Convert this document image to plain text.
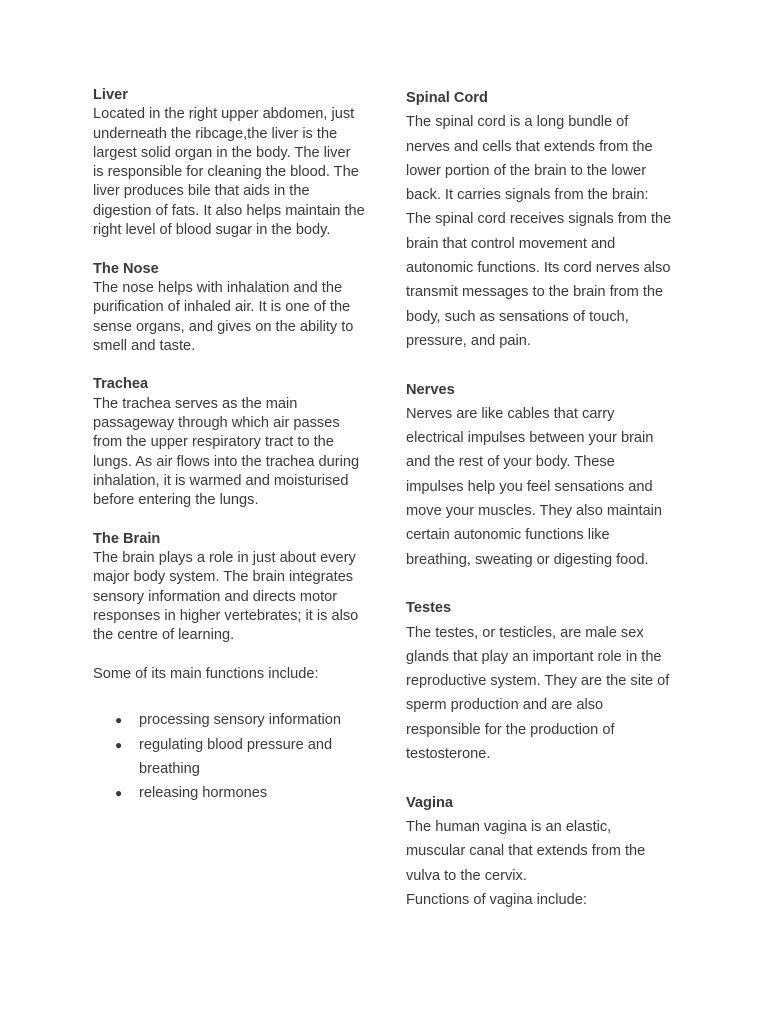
Liver
Located in the right upper abdomen, just underneath the ribcage,the liver is the largest solid organ in the body. The liver is responsible for cleaning the blood. The liver produces bile that aids in the digestion of fats. It also helps maintain the right level of blood sugar in the body.
The Nose
The nose helps with inhalation and the purification of inhaled air. It is one of the sense organs, and gives on the ability to smell and taste.
Trachea
The trachea serves as the main passageway through which air passes from the upper respiratory tract to the lungs. As air flows into the trachea during inhalation, it is warmed and moisturised before entering the lungs.
The Brain
The brain plays a role in just about every major body system. The brain integrates sensory information and directs motor responses in higher vertebrates; it is also the centre of learning.

Some of its main functions include:

● processing sensory information
● regulating blood pressure and breathing
● releasing hormones
Spinal Cord
The spinal cord is a long bundle of nerves and cells that extends from the lower portion of the brain to the lower back. It carries signals from the brain: The spinal cord receives signals from the brain that control movement and autonomic functions. Its cord nerves also transmit messages to the brain from the body, such as sensations of touch, pressure, and pain.
Nerves
Nerves are like cables that carry electrical impulses between your brain and the rest of your body. These impulses help you feel sensations and move your muscles. They also maintain certain autonomic functions like breathing, sweating or digesting food.
Testes
The testes, or testicles, are male sex glands that play an important role in the reproductive system. They are the site of sperm production and are also responsible for the production of testosterone.
Vagina
The human vagina is an elastic, muscular canal that extends from the vulva to the cervix.
Functions of vagina include:
